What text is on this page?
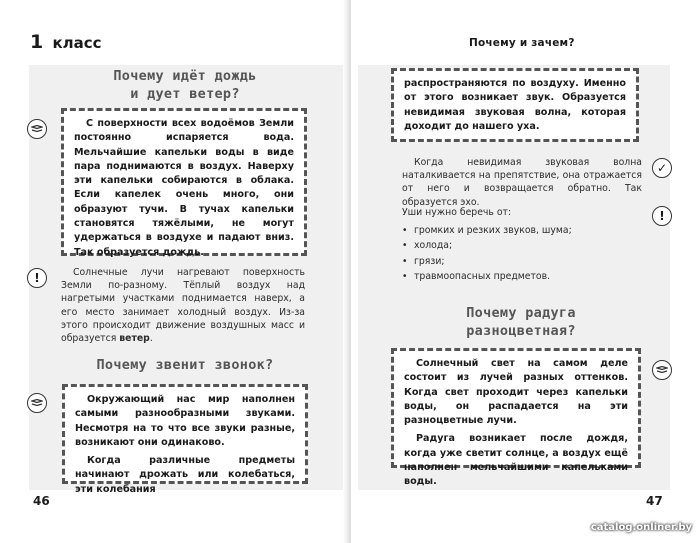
1 класс
Почему идёт дождь
и дует ветер?

С поверхности всех водоёмов Земли постоянно испаряется вода. Мельчайшие капельки воды в виде пара поднимаются в воздух. Наверху эти капельки собираются в облака. Если капелек очень много, они образуют тучи. В тучах капельки становятся тяжёлыми, не могут удержаться в воздухе и падают вниз. Так образуется дождь.

Солнечные лучи нагревают поверхность Земли по-разному. Тёплый воздух над нагретыми участками поднимается наверх, а его место занимает холодный воздух. Из-за этого происходит движение воздушных масс и образуется ветер.

Почему звенит звонок?

Окружающий нас мир наполнен самыми разнообразными звуками. Несмотря на то что все звуки разные, возникают они одинаково.

Когда различные предметы начинают дрожать или колебаться, эти колебания

46
!
Почему и зачем?

распространяются по воздуху. Именно от этого возникает звук. Образуется невидимая звуковая волна, которая доходит до нашего уха.

Когда невидимая звуковая волна наталкивается на препятствие, она отражается от него и возвращается обратно. Так образуется эхо.

Уши нужно беречь от:
• громких и резких звуков, шума;
• холода;
• грязи;
• травмоопасных предметов.
Почему радуга
разноцветная?

Солнечный свет на самом деле состоит из лучей разных оттенков. Когда свет проходит через капельки воды, он распадается на эти разноцветные лучи.

Радуга возникает после дождя, когда уже светит солнце, а воздух ещё наполнен мельчайшими капельками воды.

47
✓
!
catalog.onliner.by
